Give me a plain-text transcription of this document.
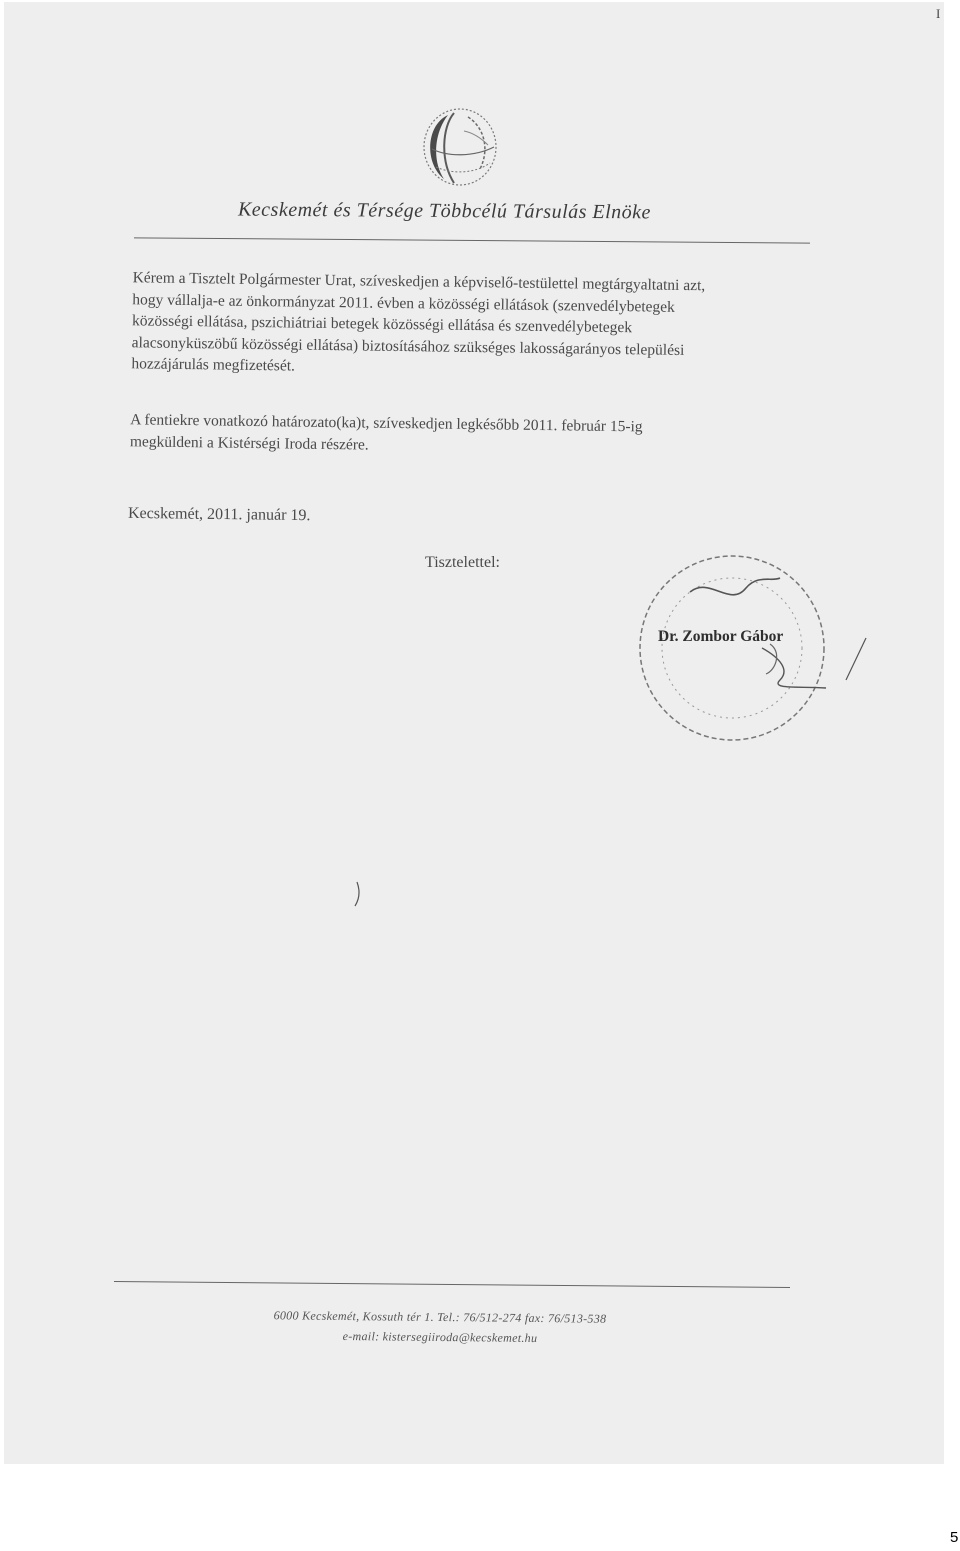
I
Kecskemét és Térsége Többcélú Társulás Elnöke
Kérem a Tisztelt Polgármester Urat, szíveskedjen a képviselő-testülettel megtárgyaltatni azt,
hogy vállalja-e az önkormányzat 2011. évben a közösségi ellátások (szenvedélybetegek
közösségi ellátása, pszichiátriai betegek közösségi ellátása és szenvedélybetegek
alacsonyküszöbű közösségi ellátása) biztosításához szükséges lakosságarányos települési
hozzájárulás megfizetését.
A fentiekre vonatkozó határozato(ka)t, szíveskedjen legkésőbb 2011. február 15-ig
megküldeni a Kistérségi Iroda részére.
Kecskemét, 2011. január 19.
Tisztelettel:
Dr. Zombor Gábor
6000 Kecskemét, Kossuth tér 1. Tel.: 76/512-274 fax: 76/513-538
e-mail: kistersegiiroda@kecskemet.hu
5
